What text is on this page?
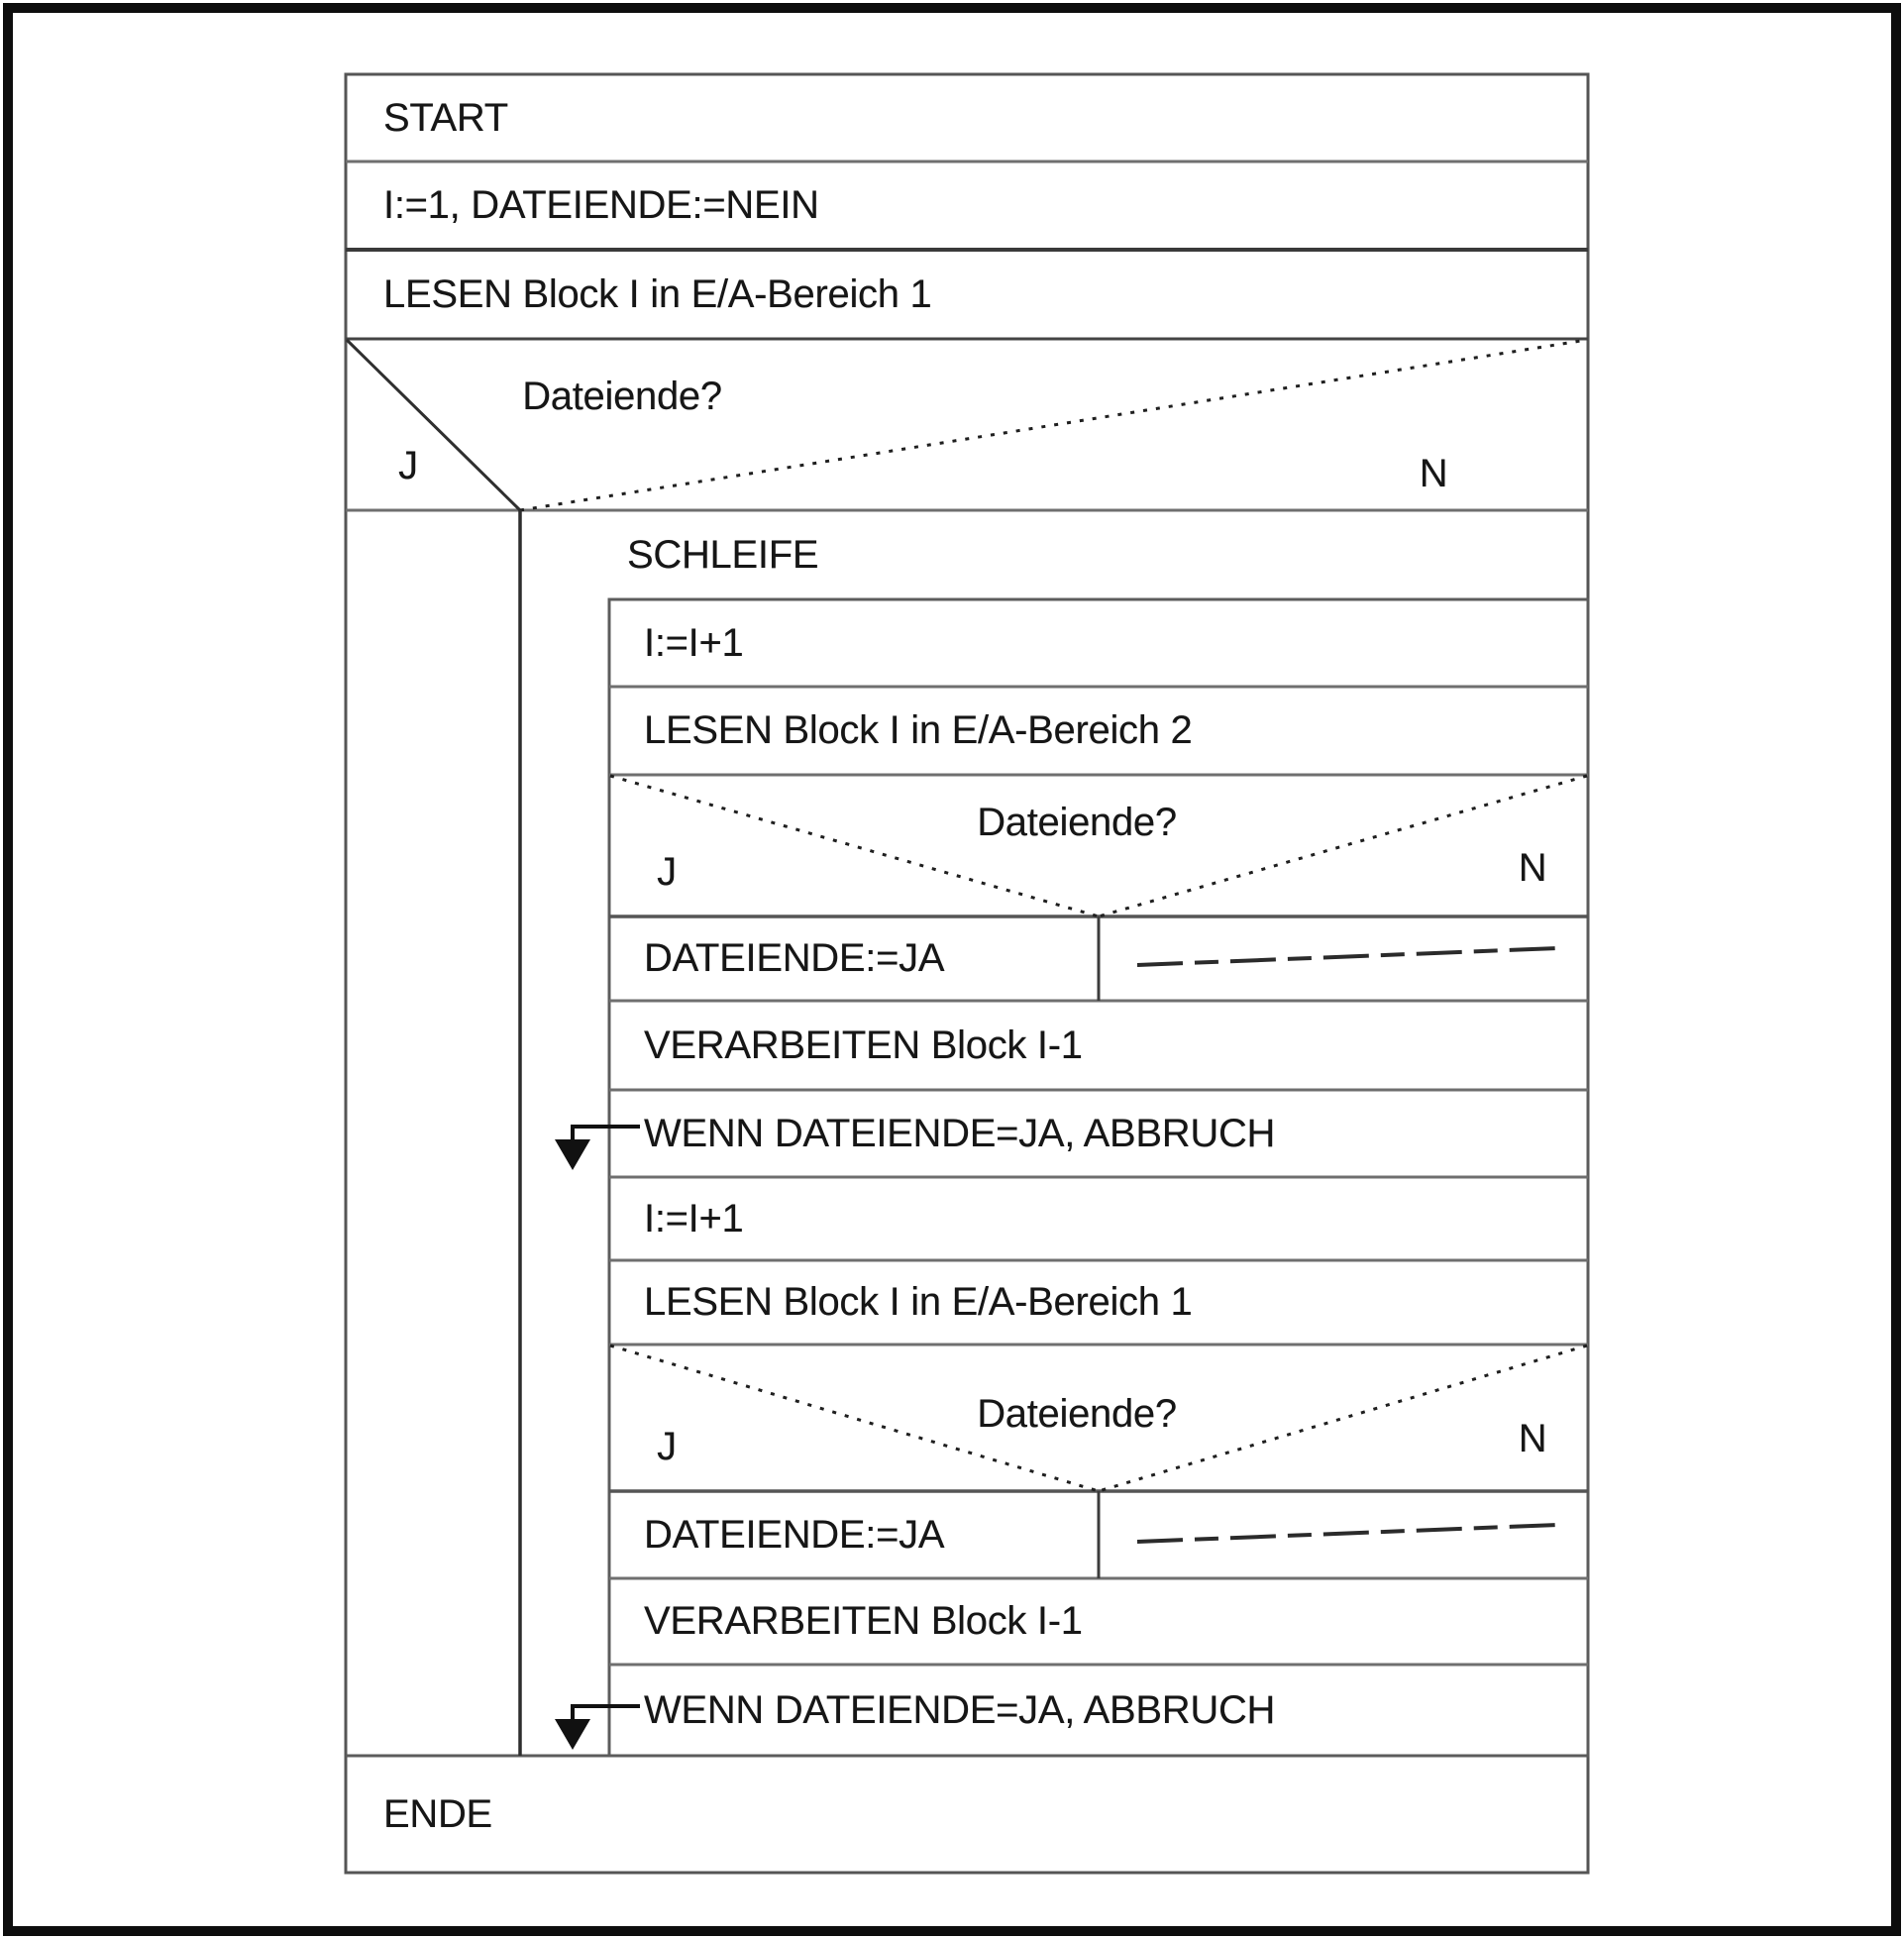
START
I:=1, DATEIENDE:=NEIN
LESEN Block I in E/A-Bereich 1
Dateiende?
J	N
SCHLEIFE
I:=I+1
LESEN Block I in E/A-Bereich 2
Dateiende?
J	N
DATEIENDE:=JA
VERARBEITEN Block I-1
WENN DATEIENDE=JA, ABBRUCH
I:=I+1
LESEN Block I in E/A-Bereich 1
Dateiende?
J	N
DATEIENDE:=JA
VERARBEITEN Block I-1
WENN DATEIENDE=JA, ABBRUCH
ENDE
